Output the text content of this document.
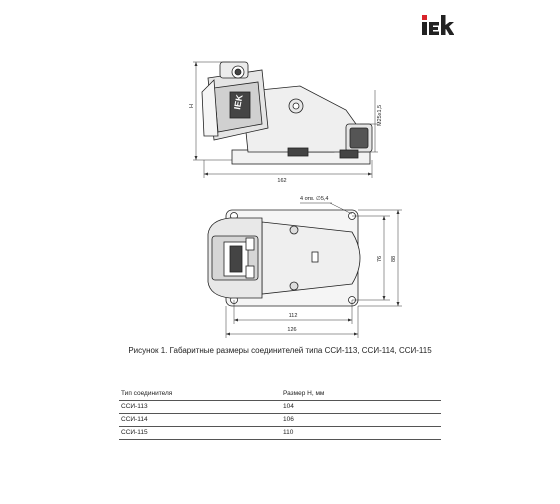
IEK
H
162
M25x1,5
4 отв. ∅5,4
112
126
76 88
Рисунок 1. Габаритные размеры соединителей типа ССИ-113, ССИ-114, ССИ-115
Тип соединителя	Размер H, мм
ССИ-113	104
ССИ-114	106
ССИ-115	110
